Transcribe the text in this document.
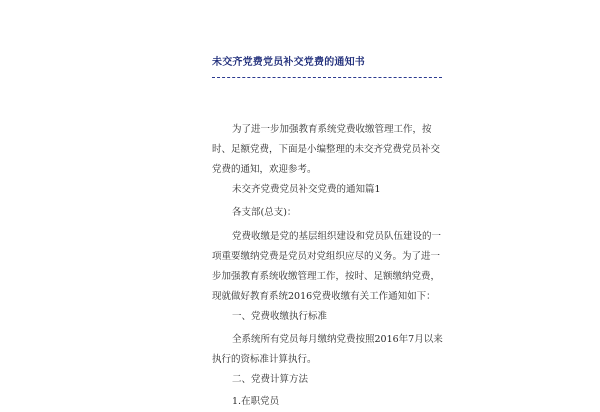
未交齐党费党员补交党费的通知书

为了进一步加强教育系统党费收缴管理工作，按时、足额党费，下面是小编整理的未交齐党费党员补交党费的通知，欢迎参考。

未交齐党费党员补交党费的通知篇1

各支部(总支)：

党费收缴是党的基层组织建设和党员队伍建设的一项重要缴纳党费是党员对党组织应尽的义务。为了进一步加强教育系统收缴管理工作，按时、足额缴纳党费，现就做好教育系统2016党费收缴有关工作通知如下：

一、党费收缴执行标准

全系统所有党员每月缴纳党费按照2016年7月以来执行的资标准计算执行。

二、党费计算方法

1.在职党员
